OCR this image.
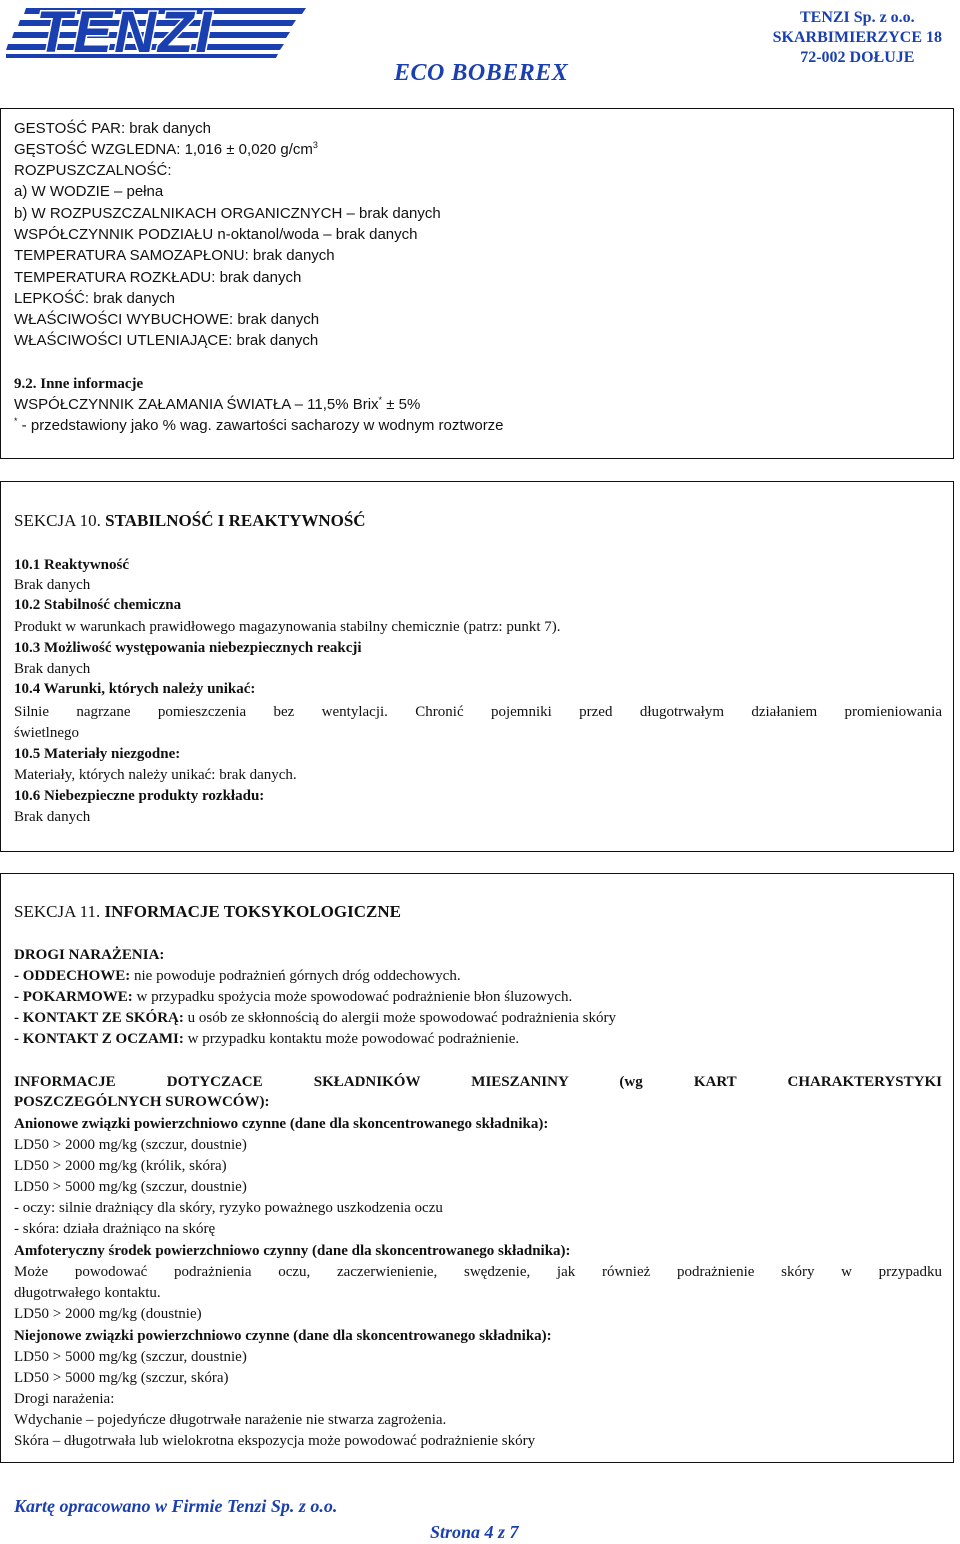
TENZI	TENZI Sp. z o.o.
SKARBIMIERZYCE 18
72-002 DOŁUJE
ECO BOBEREX
GESTOŚĆ PAR: brak danych
GĘSTOŚĆ WZGLEDNA: 1,016 ± 0,020 $g/cm^3$
ROZPUSZCZALNOŚĆ:
a) W WODZIE – pełna
b) W ROZPUSZCZALNIKACH ORGANICZNYCH – brak danych
WSPÓŁCZYNNIK PODZIAŁU n-oktanol/woda – brak danych
TEMPERATURA SAMOZAPŁONU: brak danych
TEMPERATURA ROZKŁADU: brak danych
LEPKOŚĆ: brak danych
WŁAŚCIWOŚCI WYBUCHOWE: brak danych
WŁAŚCIWOŚCI UTLENIAJĄCE: brak danych
9.2. Inne informacje
WSPÓŁCZYNNIK ZAŁAMANIA ŚWIATŁA – 11,5% Brix* ± 5%
* - przedstawiony jako % wag. zawartości sacharozy w wodnym roztworze
SEKCJA 10. STABILNOŚĆ I REAKTYWNOŚĆ
10.1 Reaktywność
Brak danych
10.2 Stabilność chemiczna
Produkt w warunkach prawidłowego magazynowania stabilny chemicznie (patrz: punkt 7).
10.3 Możliwość występowania niebezpiecznych reakcji
Brak danych
10.4 Warunki, których należy unikać:
Silnie nagrzane pomieszczenia bez wentylacji. Chronić pojemniki przed długotrwałym działaniem promieniowania
świetlnego
10.5 Materiały niezgodne:
Materiały, których należy unikać: brak danych.
10.6 Niebezpieczne produkty rozkładu:
Brak danych
SEKCJA 11. INFORMACJE TOKSYKOLOGICZNE
DROGI NARAŻENIA:
- ODDECHOWE: nie powoduje podrażnień górnych dróg oddechowych.
- POKARMOWE: w przypadku spożycia może spowodować podrażnienie błon śluzowych.
- KONTAKT ZE SKÓRĄ: u osób ze skłonnością do alergii może spowodować podrażnienia skóry
- KONTAKT Z OCZAMI: w przypadku kontaktu może powodować podrażnienie.
INFORMACJE DOTYCZACE SKŁADNIKÓW MIESZANINY (wg KART CHARAKTERYSTYKI
POSZCZEGÓLNYCH SUROWCÓW):
Anionowe związki powierzchniowo czynne (dane dla skoncentrowanego składnika):
LD50 > 2000 mg/kg (szczur, doustnie)
LD50 > 2000 mg/kg (królik, skóra)
LD50 > 5000 mg/kg (szczur, doustnie)
- oczy: silnie drażniący dla skóry, ryzyko poważnego uszkodzenia oczu
- skóra: działa drażniąco na skórę
Amfoteryczny środek powierzchniowo czynny (dane dla skoncentrowanego składnika):
Może powodować podrażnienia oczu, zaczerwienienie, swędzenie, jak również podrażnienie skóry w przypadku
długotrwałego kontaktu.
LD50 > 2000 mg/kg (doustnie)
Niejonowe związki powierzchniowo czynne (dane dla skoncentrowanego składnika):
LD50 > 5000 mg/kg (szczur, doustnie)
LD50 > 5000 mg/kg (szczur, skóra)
Drogi narażenia:
Wdychanie – pojedyńcze długotrwałe narażenie nie stwarza zagrożenia.
Skóra – długotrwała lub wielokrotna ekspozycja może powodować podrażnienie skóry
Kartę opracowano w Firmie Tenzi Sp. z o.o.
Strona 4 z 7
